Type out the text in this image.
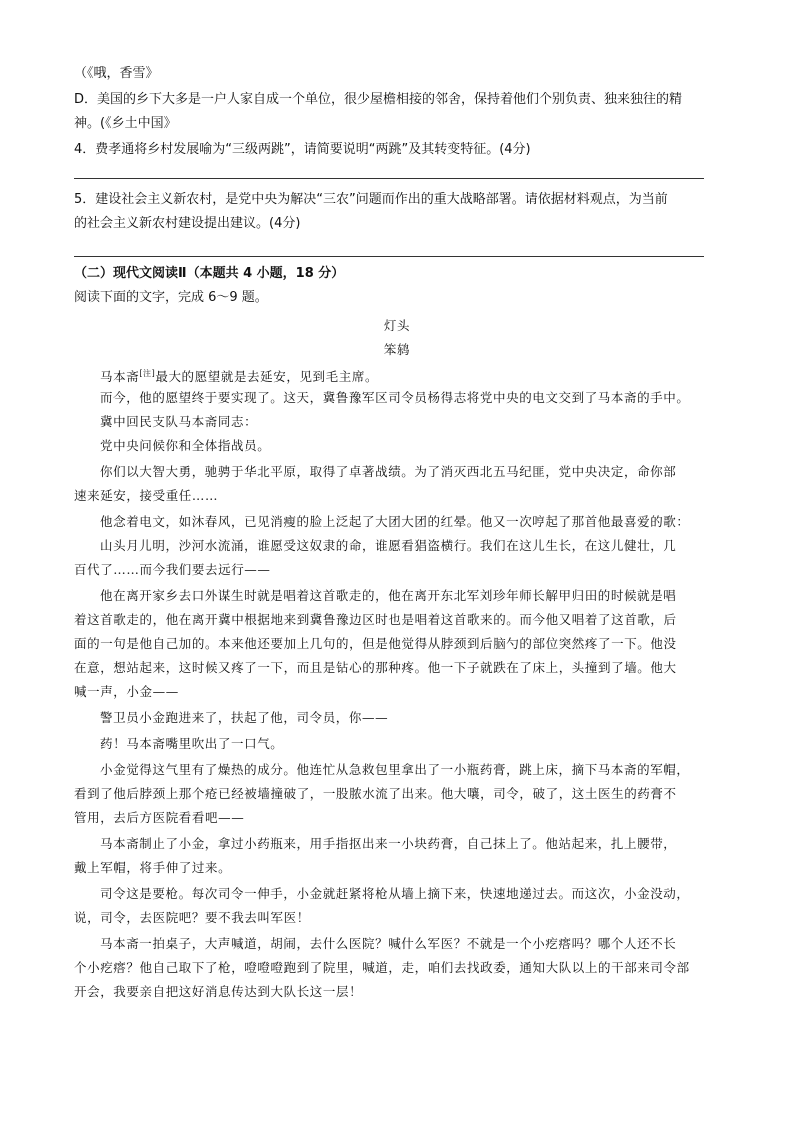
（《哦，香雪》
D．美国的乡下大多是一户人家自成一个单位，很少屋檐相接的邻舍，保持着他们个别负责、独来独往的精
神。(《乡土中国》
4．费孝通将乡村发展喻为“三级两跳”，请简要说明“两跳”及其转变特征。(4分)
5．建设社会主义新农村，是党中央为解决“三农”问题而作出的重大战略部署。请依据材料观点，为当前
的社会主义新农村建设提出建议。(4分)
（二）现代文阅读Ⅱ（本题共 4 小题，18 分）
阅读下面的文字，完成 6～9 题。
灯头
笨鸫
马本斋[注]最大的愿望就是去延安，见到毛主席。
而今，他的愿望终于要实现了。这天，冀鲁豫军区司令员杨得志将党中央的电文交到了马本斋的手中。
冀中回民支队马本斋同志：
党中央问候你和全体指战员。
你们以大智大勇，驰骋于华北平原，取得了卓著战绩。为了消灭西北五马纪匪，党中央决定，命你部
速来延安，接受重任……
他念着电文，如沐春风，已见消瘦的脸上泛起了大团大团的红晕。他又一次哼起了那首他最喜爱的歌：
山头月儿明，沙河水流涌，谁愿受这奴隶的命，谁愿看猖盗横行。我们在这儿生长，在这儿健壮，几
百代了……而今我们要去远行——
他在离开家乡去口外谋生时就是唱着这首歌走的，他在离开东北军刘珍年师长解甲归田的时候就是唱
着这首歌走的，他在离开冀中根据地来到冀鲁豫边区时也是唱着这首歌来的。而今他又唱着了这首歌，后
面的一句是他自己加的。本来他还要加上几句的，但是他觉得从脖颈到后脑勺的部位突然疼了一下。他没
在意，想站起来，这时候又疼了一下，而且是钻心的那种疼。他一下子就跌在了床上，头撞到了墙。他大
喊一声，小金——
警卫员小金跑进来了，扶起了他，司令员，你——
药！马本斋嘴里吹出了一口气。
小金觉得这气里有了燥热的成分。他连忙从急救包里拿出了一小瓶药膏，跳上床，摘下马本斋的军帽，
看到了他后脖颈上那个疮已经被墙撞破了，一股脓水流了出来。他大嚷，司令，破了，这土医生的药膏不
管用，去后方医院看看吧——
马本斋制止了小金，拿过小药瓶来，用手指抠出来一小块药膏，自己抹上了。他站起来，扎上腰带，
戴上军帽，将手伸了过来。
司令这是要枪。每次司令一伸手，小金就赶紧将枪从墙上摘下来，快速地递过去。而这次，小金没动，
说，司令，去医院吧？要不我去叫军医！
马本斋一拍桌子，大声喊道，胡闹，去什么医院？喊什么军医？不就是一个小疙瘩吗？哪个人还不长
个小疙瘩？他自己取下了枪，噔噔噔跑到了院里，喊道，走，咱们去找政委，通知大队以上的干部来司令部
开会，我要亲自把这好消息传达到大队长这一层！
